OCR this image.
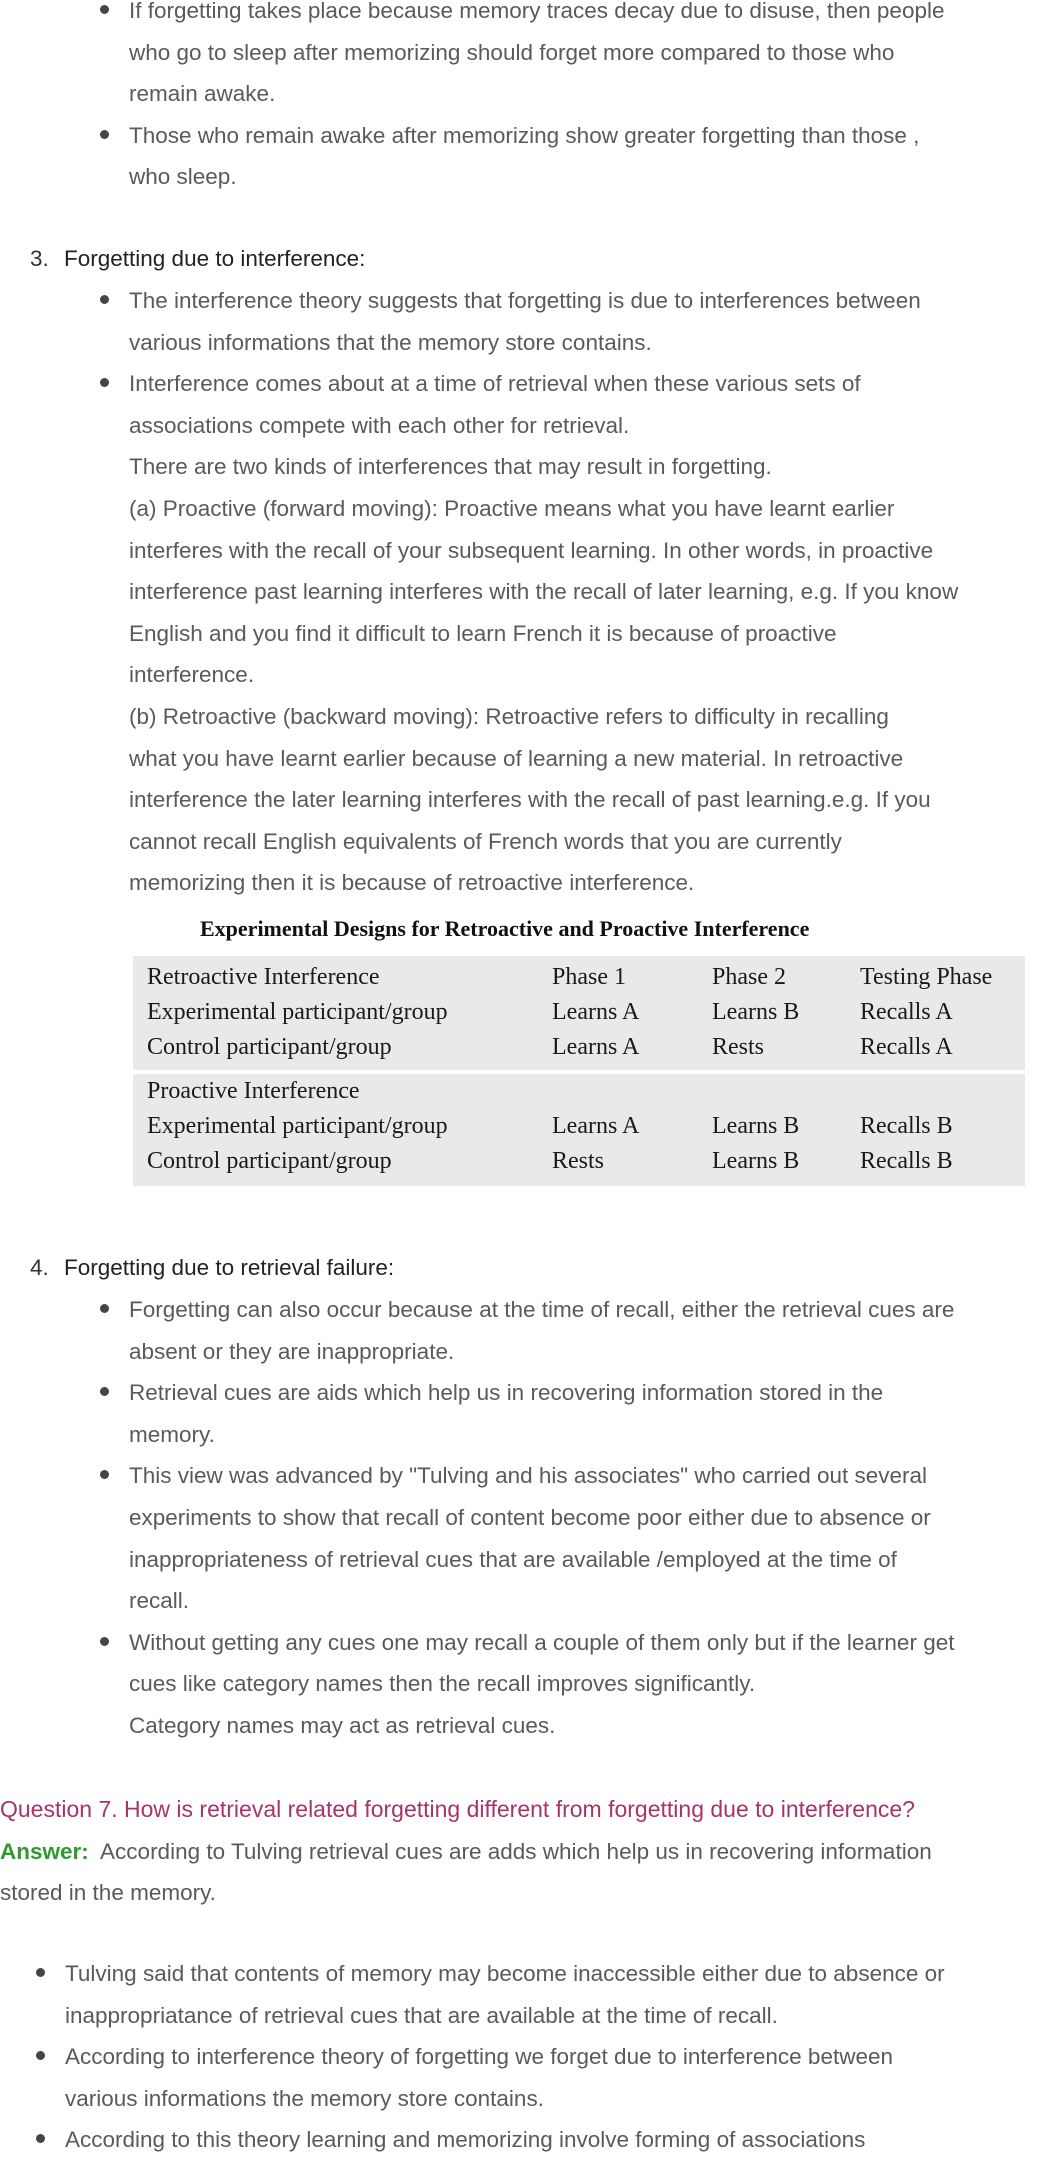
If forgetting takes place because memory traces decay due to disuse, then people
who go to sleep after memorizing should forget more compared to those who
remain awake.
Those who remain awake after memorizing show greater forgetting than those ,
who sleep.
3. Forgetting due to interference:
The interference theory suggests that forgetting is due to interferences between
various informations that the memory store contains.
Interference comes about at a time of retrieval when these various sets of
associations compete with each other for retrieval.
There are two kinds of interferences that may result in forgetting.
(a) Proactive (forward moving): Proactive means what you have learnt earlier
interferes with the recall of your subsequent learning. In other words, in proactive
interference past learning interferes with the recall of later learning, e.g. If you know
English and you find it difficult to learn French it is because of proactive
interference.
(b) Retroactive (backward moving): Retroactive refers to difficulty in recalling
what you have learnt earlier because of learning a new material. In retroactive
interference the later learning interferes with the recall of past learning.e.g. If you
cannot recall English equivalents of French words that you are currently
memorizing then it is because of retroactive interference.
Experimental Designs for Retroactive and Proactive Interference
Retroactive Interference	Phase 1	Phase 2	Testing Phase
Experimental participant/group	Learns A	Learns B	Recalls A
Control participant/group	Learns A	Rests	Recalls A
Proactive Interference
Experimental participant/group	Learns A	Learns B	Recalls B
Control participant/group	Rests	Learns B	Recalls B
4. Forgetting due to retrieval failure:
Forgetting can also occur because at the time of recall, either the retrieval cues are
absent or they are inappropriate.
Retrieval cues are aids which help us in recovering information stored in the
memory.
This view was advanced by "Tulving and his associates" who carried out several
experiments to show that recall of content become poor either due to absence or
inappropriateness of retrieval cues that are available /employed at the time of
recall.
Without getting any cues one may recall a couple of them only but if the learner get
cues like category names then the recall improves significantly.
Category names may act as retrieval cues.
Question 7. How is retrieval related forgetting different from forgetting due to interference?
Answer: According to Tulving retrieval cues are adds which help us in recovering information
stored in the memory.
Tulving said that contents of memory may become inaccessible either due to absence or
inappropriatance of retrieval cues that are available at the time of recall.
According to interference theory of forgetting we forget due to interference between
various informations the memory store contains.
According to this theory learning and memorizing involve forming of associations
